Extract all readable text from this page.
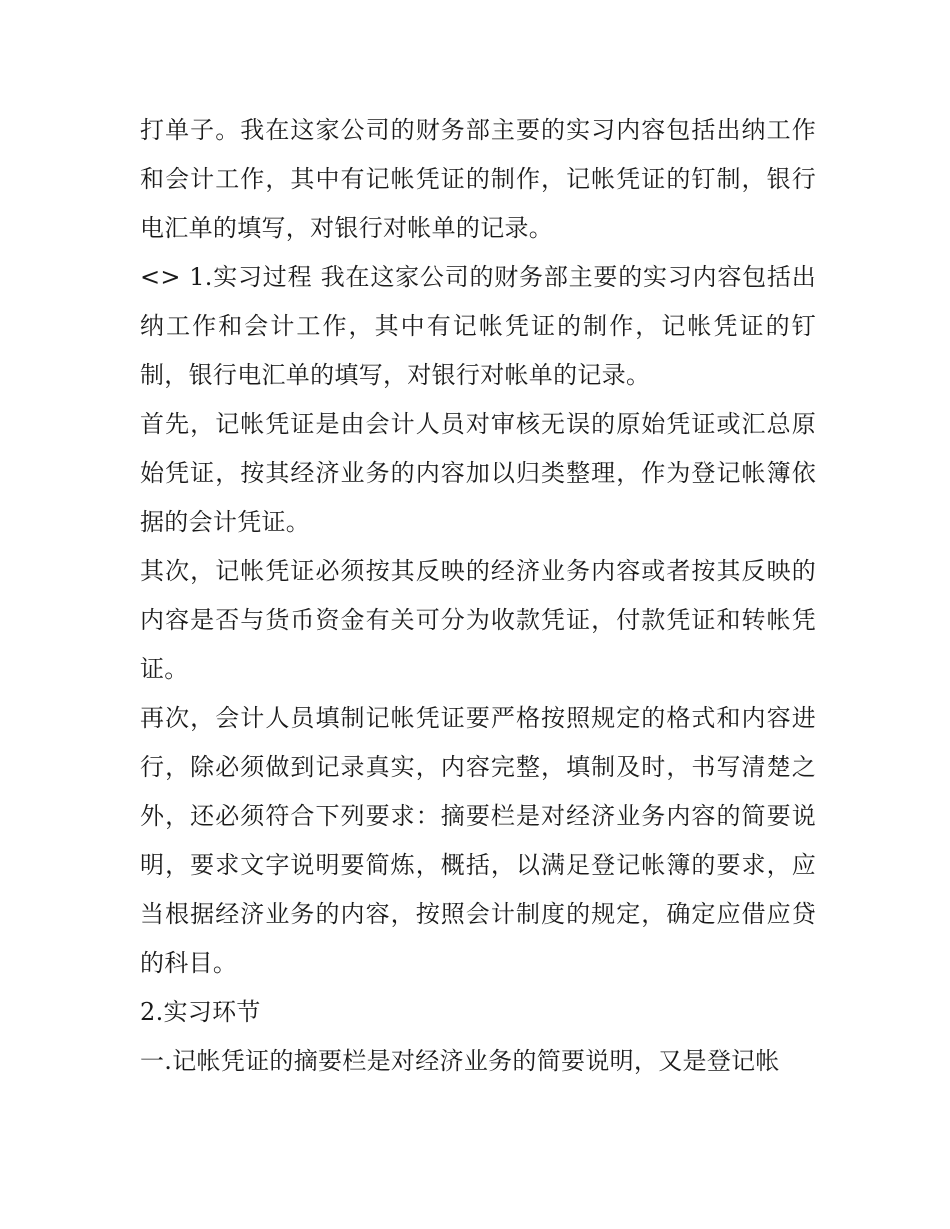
打单子。我在这家公司的财务部主要的实习内容包括出纳工作和会计工作，其中有记帐凭证的制作，记帐凭证的钉制，银行电汇单的填写，对银行对帐单的记录。

<> 1.实习过程 我在这家公司的财务部主要的实习内容包括出纳工作和会计工作，其中有记帐凭证的制作，记帐凭证的钉制，银行电汇单的填写，对银行对帐单的记录。

首先，记帐凭证是由会计人员对审核无误的原始凭证或汇总原始凭证，按其经济业务的内容加以归类整理，作为登记帐簿依据的会计凭证。

其次，记帐凭证必须按其反映的经济业务内容或者按其反映的内容是否与货币资金有关可分为收款凭证，付款凭证和转帐凭证。

再次，会计人员填制记帐凭证要严格按照规定的格式和内容进行，除必须做到记录真实，内容完整，填制及时，书写清楚之外，还必须符合下列要求：摘要栏是对经济业务内容的简要说明，要求文字说明要简炼，概括，以满足登记帐簿的要求，应当根据经济业务的内容，按照会计制度的规定，确定应借应贷的科目。

2.实习环节

一.记帐凭证的摘要栏是对经济业务的简要说明，又是登记帐
